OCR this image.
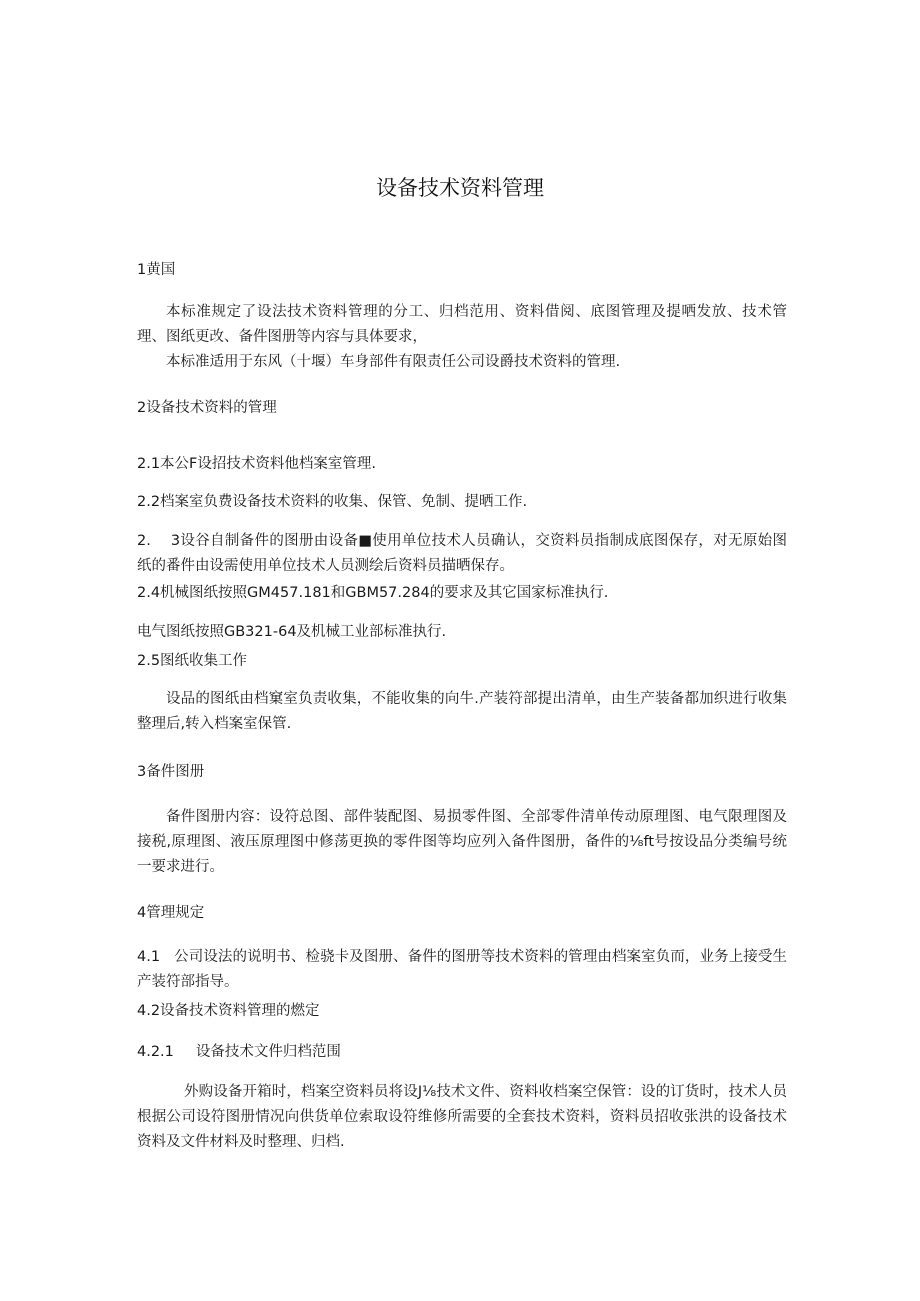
设备技术资料管理
1黄国
本标准规定了设法技术资料管理的分工、归档范用、资料借阅、底图管理及提哂发放、技术管理、图纸更改、备件图册等内容与具体要求，
本标准适用于东风（十堰）车身部件有限责任公司设爵技术资料的管理.
2设备技术资料的管理
2.1本公F设招技术资料他档案室管理.
2.2档案室负费设备技术资料的收集、保管、免制、提晒工作.
2. 3设谷自制备件的图册由设备■使用单位技术人员确认，交资料员指制成底图保存，对无原始图纸的番件由设需使用单位技术人员测绘后资料员描晒保存。
2.4机械图纸按照GM457.181和GBM57.284的要求及其它国家标准执行.
电气图纸按照GB321-64及机械工业部标准执行.
2.5图纸收集工作
设品的图纸由档窠室负责收集，不能收集的向牛.产装符部提出清单，由生产装备都加织进行收集整理后,转入档案室保管.
3备件图册
备件图册内容：设符总图、部件装配图、易损零件图、全部零件清单传动原理图、电气限理图及接税,原理图、液压原理图中修荡更换的零件图等均应列入备件图册，备件的⅛ft号按设品分类编号统一要求进行。
4管理规定
4.1 公司设法的说明书、检骁卡及图册、备件的图册等技术资料的管理由档案室负而，业务上接受生产装符部指导。
4.2设备技术资料管理的燃定
4.2.1 设备技术文件归档范围
外购设备开箱时，档案空资料员将设J⅛技术文件、资料收档案空保管：设的订货时，技术人员根据公司设符图册情况向供货单位索取设符维修所需要的全套技术资料，资料员招收张洪的设备技术资料及文件材料及时整理、归档.
